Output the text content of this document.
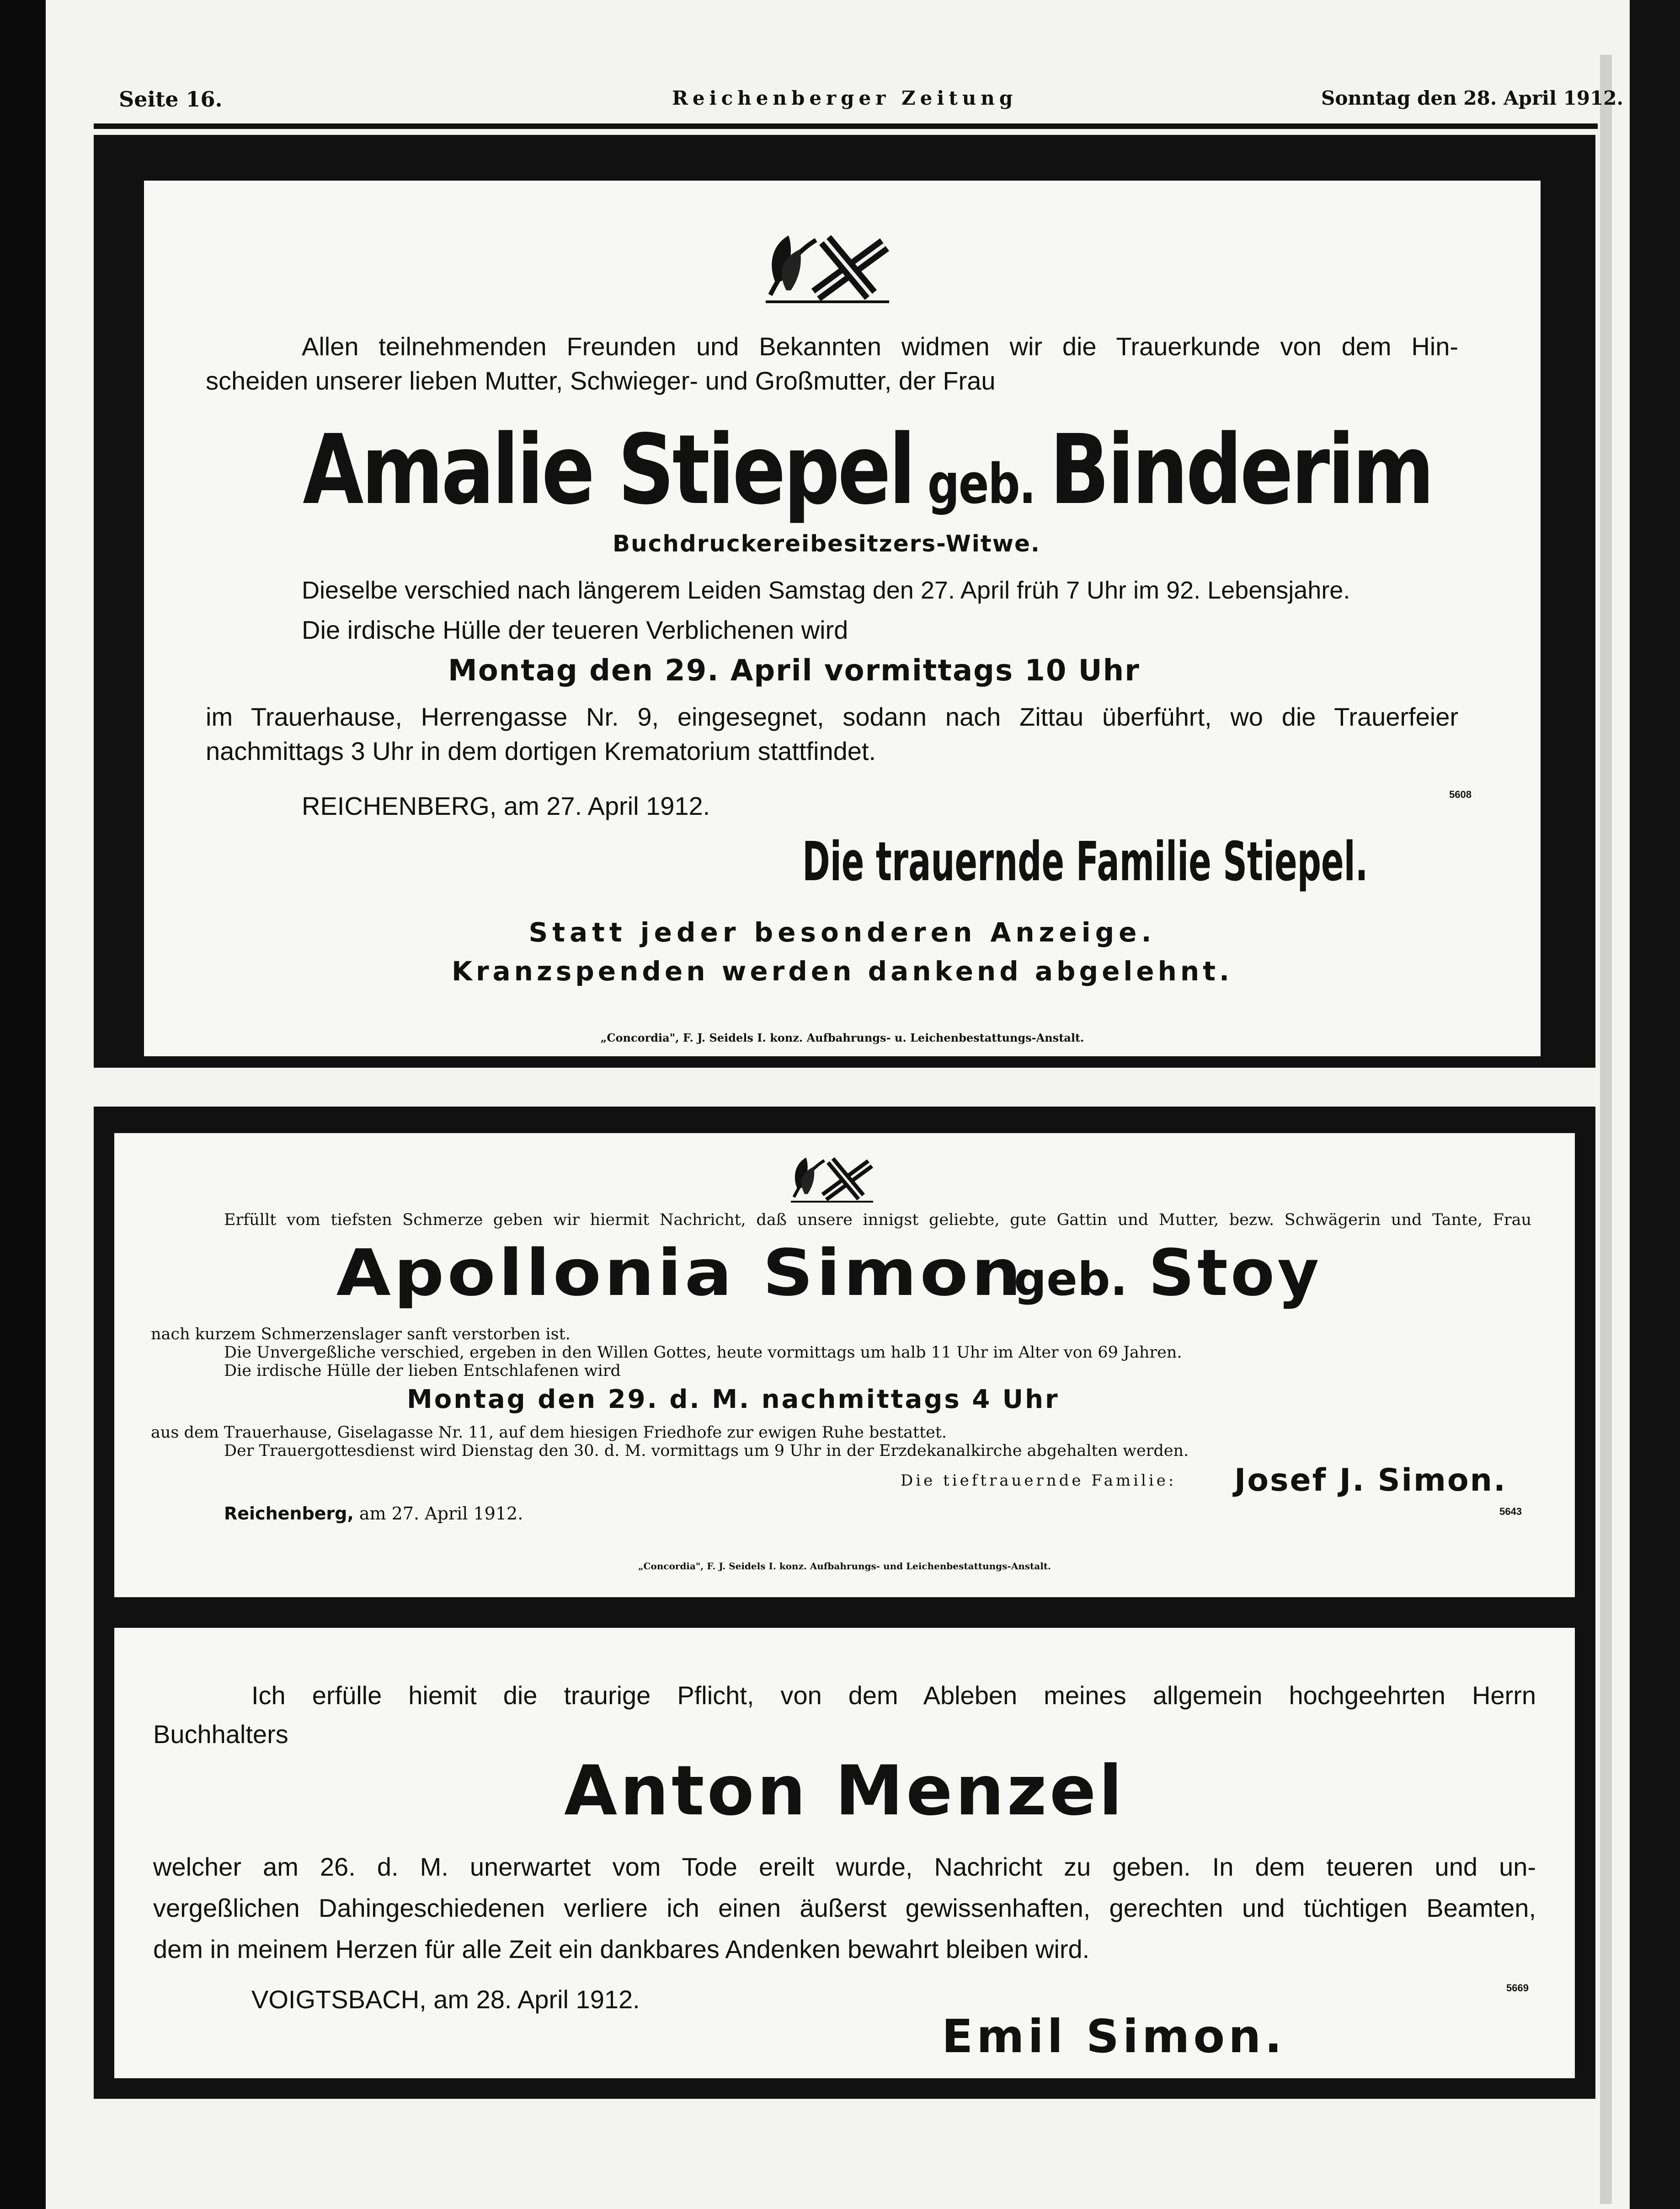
Seite 16.	Reichenberger Zeitung	Sonntag den 28. April 1912.
Allen teilnehmenden Freunden und Bekannten widmen wir die Trauerkunde von dem Hin-
scheiden unserer lieben Mutter, Schwieger- und Großmutter, der Frau
Amalie Stiepel geb. Binderim
Buchdruckereibesitzers-Witwe.
Dieselbe verschied nach längerem Leiden Samstag den 27. April früh 7 Uhr im 92. Lebensjahre.
Die irdische Hülle der teueren Verblichenen wird
Montag den 29. April vormittags 10 Uhr
im Trauerhause, Herrengasse Nr. 9, eingesegnet, sodann nach Zittau überführt, wo die Trauerfeier
nachmittags 3 Uhr in dem dortigen Krematorium stattfindet.
REICHENBERG, am 27. April 1912.	5608
Die trauernde Familie Stiepel.
Statt jeder besonderen Anzeige.
Kranzspenden werden dankend abgelehnt.
„Concordia", F. J. Seidels I. konz. Aufbahrungs- u. Leichenbestattungs-Anstalt.
Erfüllt vom tiefsten Schmerze geben wir hiermit Nachricht, daß unsere innigst geliebte, gute Gattin und Mutter, bezw. Schwägerin und Tante, Frau
Apollonia Simon geb. Stoy
nach kurzem Schmerzenslager sanft verstorben ist.
Die Unvergeßliche verschied, ergeben in den Willen Gottes, heute vormittags um halb 11 Uhr im Alter von 69 Jahren.
Die irdische Hülle der lieben Entschlafenen wird
Montag den 29. d. M. nachmittags 4 Uhr
aus dem Trauerhause, Giselagasse Nr. 11, auf dem hiesigen Friedhofe zur ewigen Ruhe bestattet.
Der Trauergottesdienst wird Dienstag den 30. d. M. vormittags um 9 Uhr in der Erzdekanalkirche abgehalten werden.
Die tieftrauernde Familie: Josef J. Simon.
Reichenberg, am 27. April 1912.	5643
„Concordia", F. J. Seidels I. konz. Aufbahrungs- und Leichenbestattungs-Anstalt.
Ich erfülle hiemit die traurige Pflicht, von dem Ableben meines allgemein hochgeehrten Herrn
Buchhalters
Anton Menzel
welcher am 26. d. M. unerwartet vom Tode ereilt wurde, Nachricht zu geben. In dem teueren und un-
vergeßlichen Dahingeschiedenen verliere ich einen äußerst gewissenhaften, gerechten und tüchtigen Beamten,
dem in meinem Herzen für alle Zeit ein dankbares Andenken bewahrt bleiben wird.
VOIGTSBACH, am 28. April 1912.	5669
Emil Simon.
